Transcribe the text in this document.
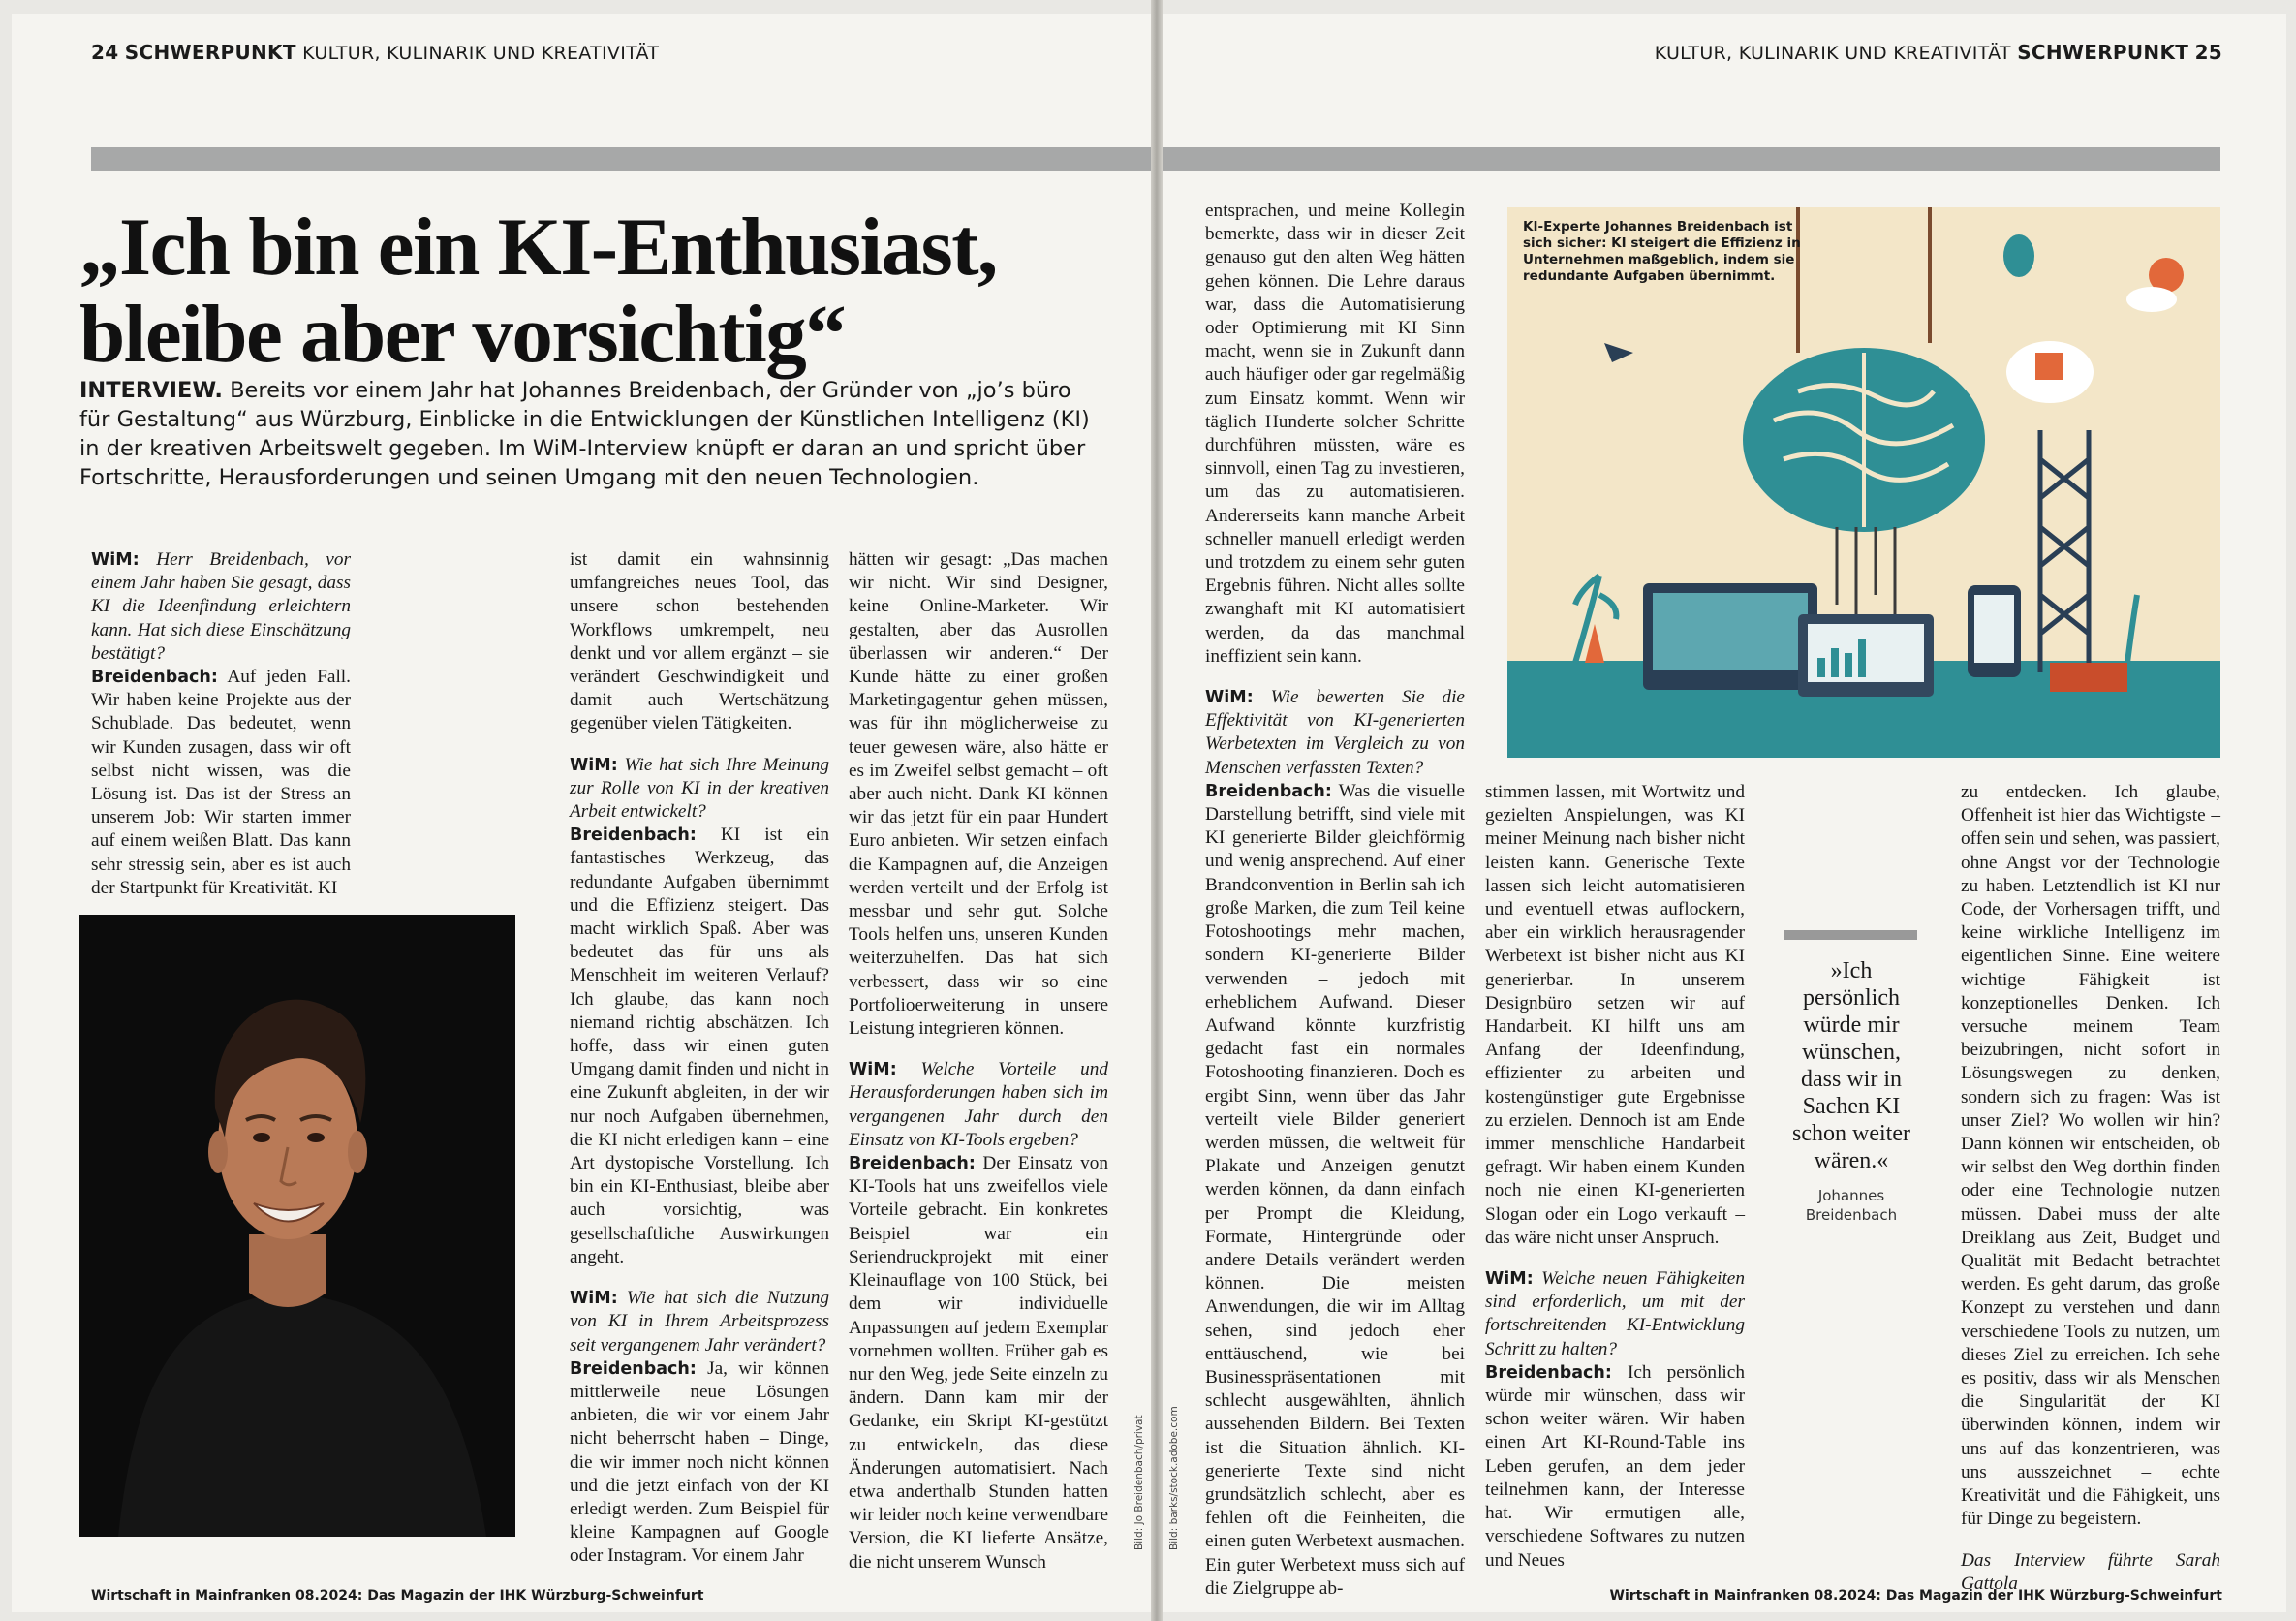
24 SCHWERPUNKT KULTUR, KULINARIK UND KREATIVITÄT	KULTUR, KULINARIK UND KREATIVITÄT SCHWERPUNKT 25
„Ich bin ein KI-Enthusiast,
bleibe aber vorsichtig“
INTERVIEW. Bereits vor einem Jahr hat Johannes Breidenbach, der Gründer von „jo’s büro für Gestaltung“ aus Würzburg, Einblicke in die Entwicklungen der Künstlichen Intelligenz (KI) in der kreativen Arbeitswelt gegeben. Im WiM-Interview knüpft er daran an und spricht über Fortschritte, Herausforderungen und seinen Umgang mit den neuen Technologien.

WiM: Herr Breidenbach, vor einem Jahr haben Sie gesagt, dass KI die Ideenfindung erleichtern kann. Hat sich diese Einschätzung bestätigt?

Breidenbach: Auf jeden Fall. Wir haben keine Projekte aus der Schublade. Das bedeutet, wenn wir Kunden zusagen, dass wir oft selbst nicht wissen, was die Lösung ist. Das ist der Stress an unserem Job: Wir starten immer auf einem weißen Blatt. Das kann sehr stressig sein, aber es ist auch der Startpunkt für Kreativität. KI

ist damit ein wahnsinnig umfangreiches neues Tool, das unsere schon bestehenden Workflows umkrempelt, neu denkt und vor allem ergänzt – sie verändert Geschwindigkeit und damit auch Wertschätzung gegenüber vielen Tätigkeiten.

WiM: Wie hat sich Ihre Meinung zur Rolle von KI in der kreativen Arbeit entwickelt?

Breidenbach: KI ist ein fantastisches Werkzeug, das redundante Aufgaben übernimmt und die Effizienz steigert. Das macht wirklich Spaß. Aber was bedeutet das für uns als Menschheit im weiteren Verlauf? Ich glaube, das kann noch niemand richtig abschätzen. Ich hoffe, dass wir einen guten Umgang damit finden und nicht in eine Zukunft abgleiten, in der wir nur noch Aufgaben übernehmen, die KI nicht erledigen kann – eine Art dystopische Vorstellung. Ich bin ein KI-Enthusiast, bleibe aber auch vorsichtig, was gesellschaftliche Auswirkungen angeht.

WiM: Wie hat sich die Nutzung von KI in Ihrem Arbeitsprozess seit vergangenem Jahr verändert?

Breidenbach: Ja, wir können mittlerweile neue Lösungen anbieten, die wir vor einem Jahr nicht beherrscht haben – Dinge, die wir immer noch nicht können und die jetzt einfach von der KI erledigt werden. Zum Beispiel für kleine Kampagnen auf Google oder Instagram. Vor einem Jahr

hätten wir gesagt: „Das machen wir nicht. Wir sind Designer, keine Online-Marketer. Wir gestalten, aber das Ausrollen überlassen wir anderen.“ Der Kunde hätte zu einer großen Marketingagentur gehen müssen, was für ihn möglicherweise zu teuer gewesen wäre, also hätte er es im Zweifel selbst gemacht – oft aber auch nicht. Dank KI können wir das jetzt für ein paar Hundert Euro anbieten. Wir setzen einfach die Kampagnen auf, die Anzeigen werden verteilt und der Erfolg ist messbar und sehr gut. Solche Tools helfen uns, unseren Kunden weiterzuhelfen. Das hat sich verbessert, dass wir so eine Portfolioerweiterung in unsere Leistung integrieren können.

WiM: Welche Vorteile und Herausforderungen haben sich im vergangenen Jahr durch den Einsatz von KI-Tools ergeben?

Breidenbach: Der Einsatz von KI-Tools hat uns zweifellos viele Vorteile gebracht. Ein konkretes Beispiel war ein Seriendruckprojekt mit einer Kleinauflage von 100 Stück, bei dem wir individuelle Anpassungen auf jedem Exemplar vornehmen wollten. Früher gab es nur den Weg, jede Seite einzeln zu ändern. Dann kam mir der Gedanke, ein Skript KI-gestützt zu entwickeln, das diese Änderungen automatisiert. Nach etwa anderthalb Stunden hatten wir leider noch keine verwendbare Version, die KI lieferte Ansätze, die nicht unserem Wunsch

Bild: Jo Breidenbach/privat Bild: barks/stock.adobe.com

entsprachen, und meine Kollegin bemerkte, dass wir in dieser Zeit genauso gut den alten Weg hätten gehen können. Die Lehre daraus war, dass die Automatisierung oder Optimierung mit KI Sinn macht, wenn sie in Zukunft dann auch häufiger oder gar regelmäßig zum Einsatz kommt. Wenn wir täglich Hunderte solcher Schritte durchführen müssten, wäre es sinnvoll, einen Tag zu investieren, um das zu automatisieren. Andererseits kann manche Arbeit schneller manuell erledigt werden und trotzdem zu einem sehr guten Ergebnis führen. Nicht alles sollte zwanghaft mit KI automatisiert werden, da das manchmal ineffizient sein kann.

WiM: Wie bewerten Sie die Effektivität von KI-generierten Werbetexten im Vergleich zu von Menschen verfassten Texten?

Breidenbach: Was die visuelle Darstellung betrifft, sind viele mit KI generierte Bilder gleichförmig und wenig ansprechend. Auf einer Brandconvention in Berlin sah ich große Marken, die zum Teil keine Fotoshootings mehr machen, sondern KI-generierte Bilder verwenden – jedoch mit erheblichem Aufwand. Dieser Aufwand könnte kurzfristig gedacht fast ein normales Fotoshooting finanzieren. Doch es ergibt Sinn, wenn über das Jahr verteilt viele Bilder generiert werden müssen, die weltweit für Plakate und Anzeigen genutzt werden können, da dann einfach per Prompt die Kleidung, Formate, Hintergründe oder andere Details verändert werden können. Die meisten Anwendungen, die wir im Alltag sehen, sind jedoch eher enttäuschend, wie bei Businesspräsentationen mit schlecht ausgewählten, ähnlich aussehenden Bildern. Bei Texten ist die Situation ähnlich. KI-generierte Texte sind nicht grundsätzlich schlecht, aber es fehlen oft die Feinheiten, die einen guten Werbetext ausmachen. Ein guter Werbetext muss sich auf die Zielgruppe ab-

KI-Experte Johannes Breidenbach ist sich sicher: KI steigert die Effizienz in Unternehmen maßgeblich, indem sie redundante Aufgaben übernimmt.

stimmen lassen, mit Wortwitz und gezielten Anspielungen, was KI meiner Meinung nach bisher nicht leisten kann. Generische Texte lassen sich leicht automatisieren und eventuell etwas auflockern, aber ein wirklich herausragender Werbetext ist bisher nicht aus KI generierbar. In unserem Designbüro setzen wir auf Handarbeit. KI hilft uns am Anfang der Ideenfindung, effizienter zu arbeiten und kostengünstiger gute Ergebnisse zu erzielen. Dennoch ist am Ende immer menschliche Handarbeit gefragt. Wir haben einem Kunden noch nie einen KI-generierten Slogan oder ein Logo verkauft – das wäre nicht unser Anspruch.

WiM: Welche neuen Fähigkeiten sind erforderlich, um mit der fortschreitenden KI-Entwicklung Schritt zu halten?

Breidenbach: Ich persönlich würde mir wünschen, dass wir schon weiter wären. Wir haben einen Art KI-Round-Table ins Leben gerufen, an dem jeder teilnehmen kann, der Interesse hat. Wir ermutigen alle, verschiedene Softwares zu nutzen und Neues

»Ich persönlich würde mir wünschen, dass wir in Sachen KI schon weiter wären.«
Johannes Breidenbach

zu entdecken. Ich glaube, Offenheit ist hier das Wichtigste – offen sein und sehen, was passiert, ohne Angst vor der Technologie zu haben. Letztendlich ist KI nur Code, der Vorhersagen trifft, und keine wirkliche Intelligenz im eigentlichen Sinne. Eine weitere wichtige Fähigkeit ist konzeptionelles Denken. Ich versuche meinem Team beizubringen, nicht sofort in Lösungswegen zu denken, sondern sich zu fragen: Was ist unser Ziel? Wo wollen wir hin? Dann können wir entscheiden, ob wir selbst den Weg dorthin finden oder eine Technologie nutzen müssen. Dabei muss der alte Dreiklang aus Zeit, Budget und Qualität mit Bedacht betrachtet werden. Es geht darum, das große Konzept zu verstehen und dann verschiedene Tools zu nutzen, um dieses Ziel zu erreichen. Ich sehe es positiv, dass wir als Menschen die Singularität der KI überwinden können, indem wir uns auf das konzentrieren, was uns ausszeichnet – echte Kreativität und die Fähigkeit, uns für Dinge zu begeistern.

Das Interview führte Sarah Gattola

Wirtschaft in Mainfranken 08.2024: Das Magazin der IHK Würzburg-Schweinfurt	Wirtschaft in Mainfranken 08.2024: Das Magazin der IHK Würzburg-Schweinfurt
